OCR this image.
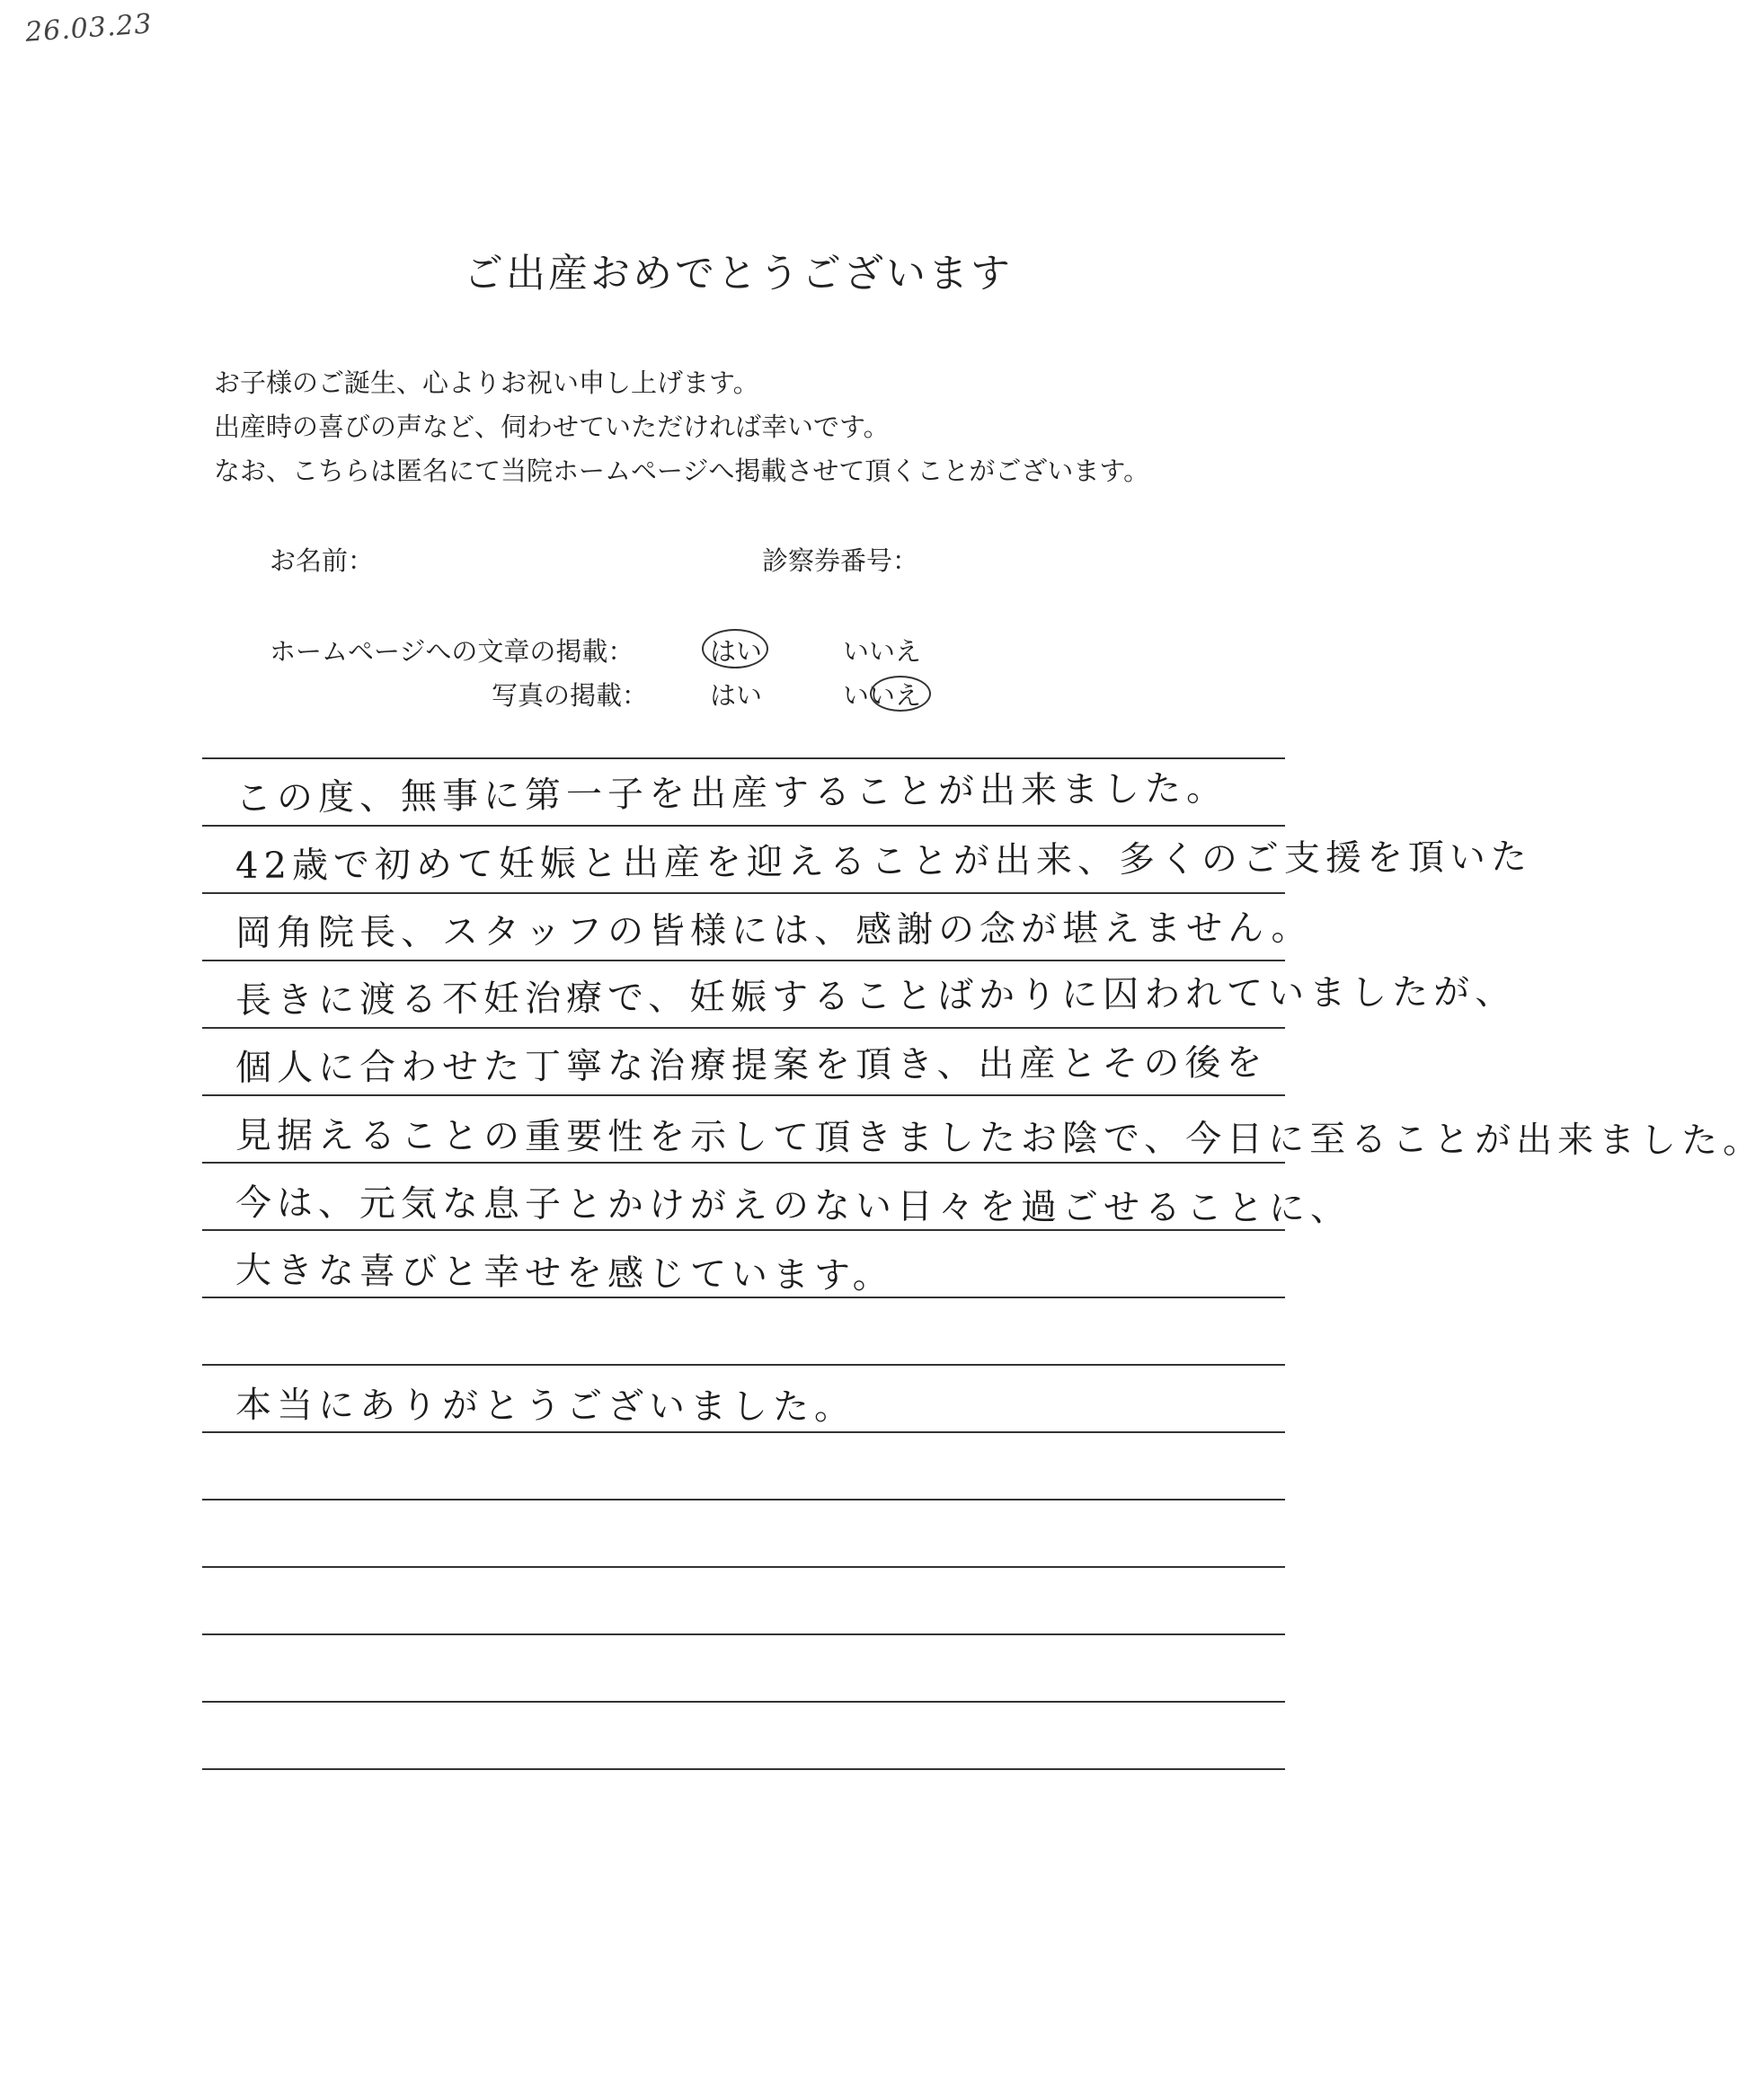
26.03.23
ご出産おめでとうございます
お子様のご誕生、心よりお祝い申し上げます。
出産時の喜びの声など、伺わせていただければ幸いです。
なお、こちらは匿名にて当院ホームページへ掲載させて頂くことがございます。
お名前：	診察券番号：
ホームページへの文章の掲載：	はい	いいえ
写真の掲載： はい	いいえ
この度、無事に第一子を出産することが出来ました。
42歳で初めて妊娠と出産を迎えることが出来、多くのご支援を頂いた
岡角院長、スタッフの皆様には、感謝の念が堪えません。
長きに渡る不妊治療で、妊娠することばかりに囚われていましたが、
個人に合わせた丁寧な治療提案を頂き、出産とその後を
見据えることの重要性を示して頂きましたお陰で、今日に至ることが出来ました。
今は、元気な息子とかけがえのない日々を過ごせることに、
大きな喜びと幸せを感じています。
本当にありがとうございました。
